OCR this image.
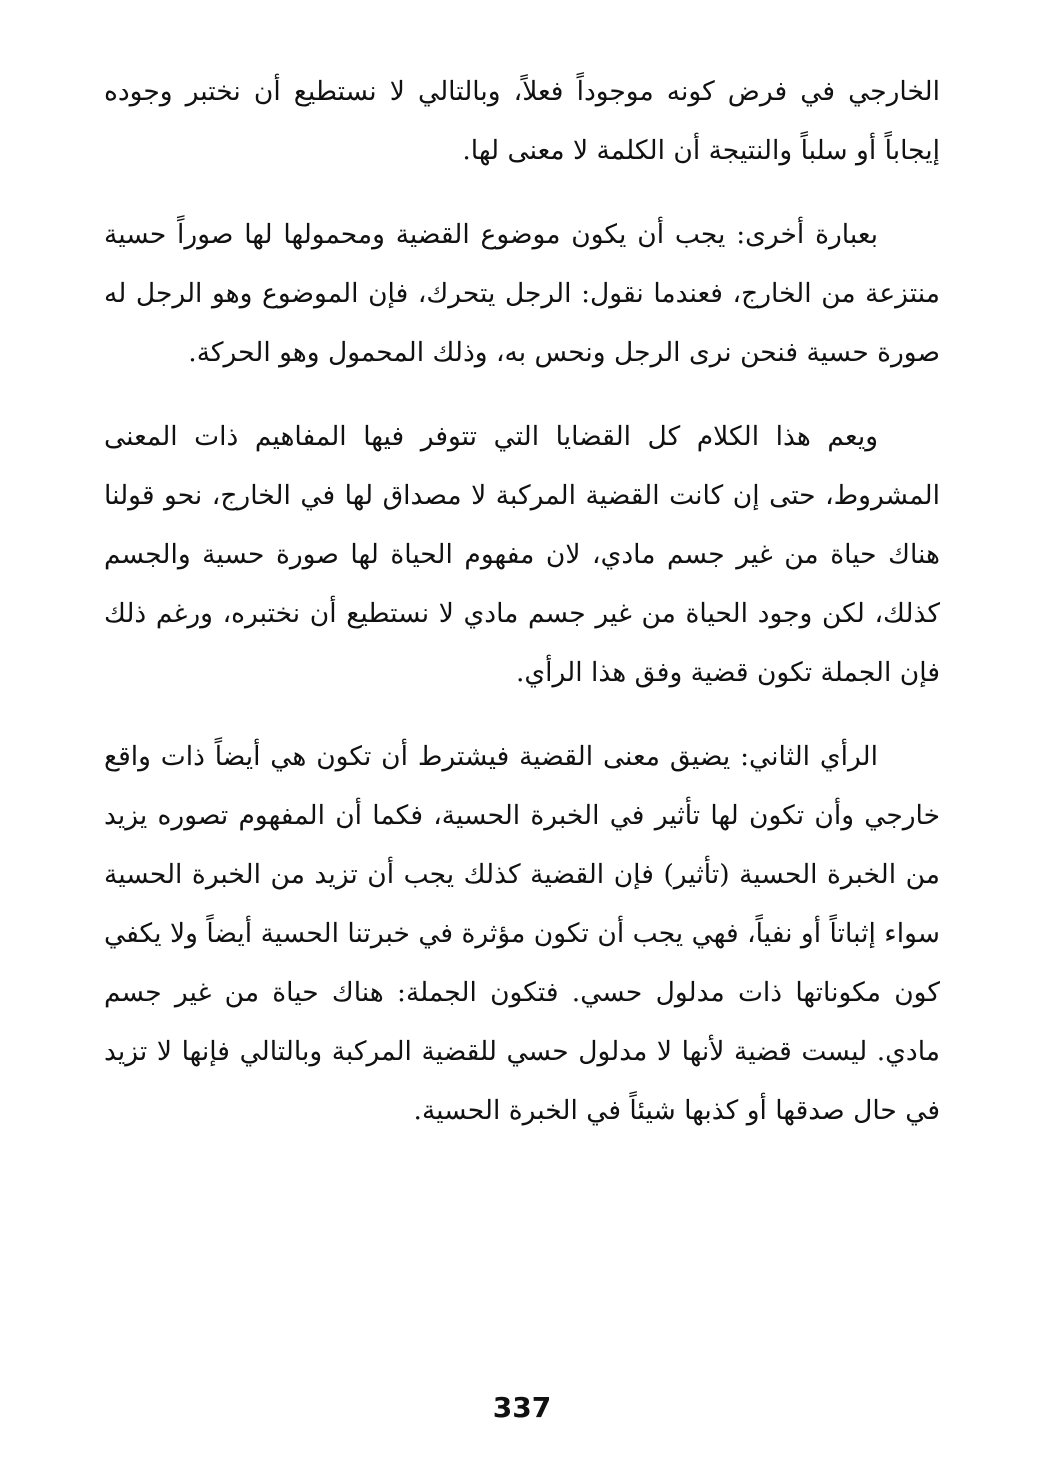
الخارجي في فرض كونه موجوداً فعلاً، وبالتالي لا نستطيع أن نختبر وجوده إيجاباً أو سلباً والنتيجة أن الكلمة لا معنى لها.

بعبارة أخرى: يجب أن يكون موضوع القضية ومحمولها لها صوراً حسية منتزعة من الخارج، فعندما نقول: الرجل يتحرك، فإن الموضوع وهو الرجل له صورة حسية فنحن نرى الرجل ونحس به، وذلك المحمول وهو الحركة.

ويعم هذا الكلام كل القضايا التي تتوفر فيها المفاهيم ذات المعنى المشروط، حتى إن كانت القضية المركبة لا مصداق لها في الخارج، نحو قولنا هناك حياة من غير جسم مادي، لان مفهوم الحياة لها صورة حسية والجسم كذلك، لكن وجود الحياة من غير جسم مادي لا نستطيع أن نختبره، ورغم ذلك فإن الجملة تكون قضية وفق هذا الرأي.

الرأي الثاني: يضيق معنى القضية فيشترط أن تكون هي أيضاً ذات واقع خارجي وأن تكون لها تأثير في الخبرة الحسية، فكما أن المفهوم تصوره يزيد من الخبرة الحسية (تأثير) فإن القضية كذلك يجب أن تزيد من الخبرة الحسية سواء إثباتاً أو نفياً، فهي يجب أن تكون مؤثرة في خبرتنا الحسية أيضاً ولا يكفي كون مكوناتها ذات مدلول حسي. فتكون الجملة: هناك حياة من غير جسم مادي. ليست قضية لأنها لا مدلول حسي للقضية المركبة وبالتالي فإنها لا تزيد في حال صدقها أو كذبها شيئاً في الخبرة الحسية.

337
